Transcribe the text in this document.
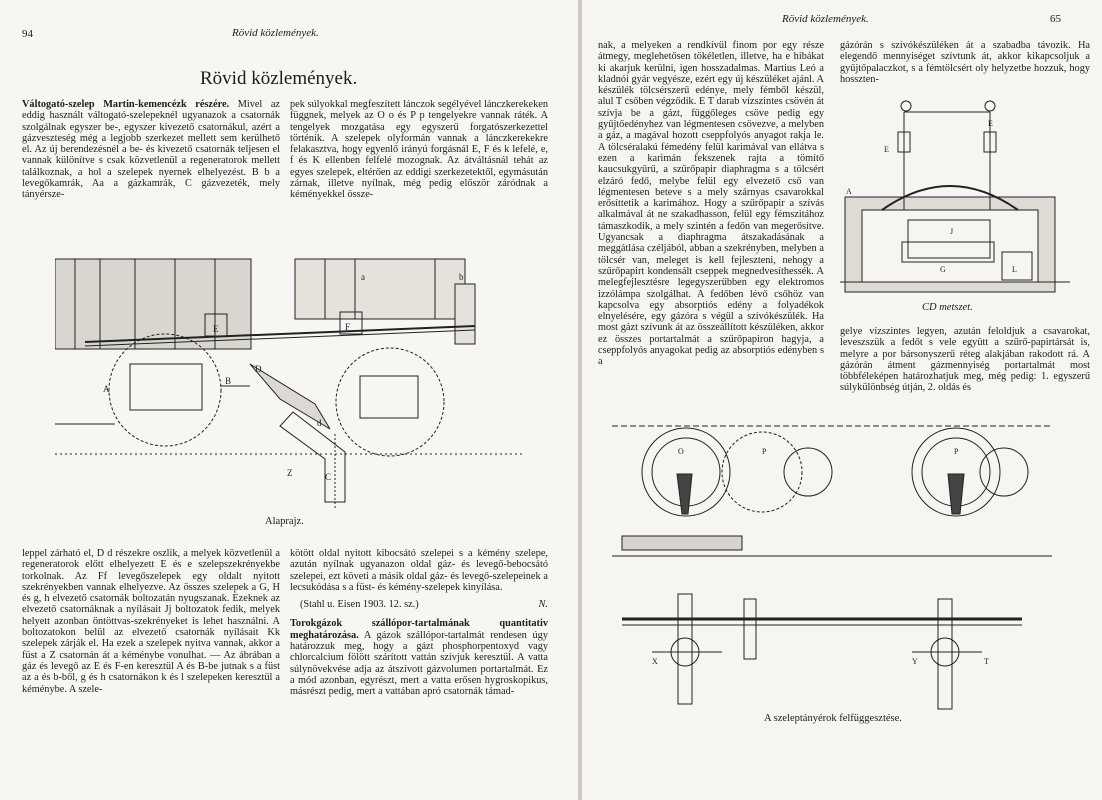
94	Rövid közlemények.
Rövid közlemények.

Váltogató-szelep Martin-kemencézk részére. Mivel az eddig használt váltogató-szelepeknél ugyanazok a csatornák szolgálnak egyszer be-, egyszer kivezető csatornákul, azért a gázveszteség még a legjobb szerkezet mellett sem kerülhető el. Az új berendezésnél a be- és kivezető csatornák teljesen el vannak különítve s csak közvetlenül a regeneratorok mellett találkoznak, a hol a szelepek nyernek elhelyezést. B b a levegőkamrák, Aa a gázkamrák, C gázvezeték, mely tányérsze-

pek súlyokkal megfeszített lánczok segélyével lánczkerekeken függnek, melyek az O o és P p tengelyekre vannak ráték. A tengelyek mozgatása egy egyszerű forgatószerkezettel történik. A szelepek olyformán vannak a lánczkerekekre felakasztva, hogy egyenlő irányú forgásnál E, F és k lefelé, e, f és K ellenben felfelé mozognak. Az átváltásnál tehát az egyes szelepek, eltérően az eddigi szerkezetektől, egymásután zárnak, illetve nyílnak, még pedig először záródnak a kéményekkel össze-

A
B
E	F
D
d
Z	C
a	b
Alaprajz.

leppel zárható el, D d részekre oszlik, a melyek közvetlenül a regeneratorok előtt elhelyezett E és e szelepszekrényekbe torkolnak. Az Ff levegőszelepek egy oldalt nyitott szekrényekben vannak elhelyezve. Az összes szelepek a G, H és g, h elvezető csatornák boltozatán nyugszanak. Ezeknek az elvezető csatornáknak a nyílásait Jj boltozatok fedik, melyek helyett azonban öntöttvas-szekrényeket is lehet használni. A boltozatokon belül az elvezető csatornák nyílásait Kk szelepek zárják el. Ha ezek a szelepek nyitva vannak, akkor a füst a Z csatornán át a kéménybe vonulhat. — Az ábrában a gáz és levegő az E és F-en keresztül A és B-be jutnak s a füst az a és b-ből, g és h csatornákon k és l szelepeken keresztül a kéménybe. A szele-

kötött oldal nyitott kibocsátó szelepei s a kémény szelepe, azután nyílnak ugyanazon oldal gáz- és levegő-bebocsátó szelepei, ezt követi a másik oldal gáz- és levegő-szelepeinek a lecsukódása s a füst- és kémény-szelepek kinyílása.

(Stahl u. Eisen 1903. 12. sz.)	N.

Torokgázok szállópor-tartalmának quantitativ meghatározása. A gázok szállópor-tartalmát rendesen úgy határozzuk meg, hogy a gázt phosphorpentoxyd vagy chlorcalcium fölött szárított vattán szívjuk keresztül. A vatta súlynövekvése adja az átszívott gázvolumen portartalmát. Ez a mód azonban, egyrészt, mert a vatta erősen hygroskopikus, másrészt pedig, mert a vattában apró csatornák támad-

Rövid közlemények.	65

nak, a melyeken a rendkívül finom por egy része átmegy, meglehetősen tökéletlen, illetve, ha e hibákat ki akarjuk kerülni, igen hosszadalmas. Martius Leó a kladnói gyár vegyésze, ezért egy új készüléket ajánl. A készülék tölcsérszerű edénye, mely fémből készül, alul T csőben végződik. E T darab vízszintes csövén át szívja be a gázt, függőleges csöve pedig egy gyűjtőedényhez van légmentesen csövezve, a melyben a gáz, a magával hozott cseppfolyós anyagot rakja le. A tölcséralakú fémedény felül karimával van ellátva s ezen a karimán fekszenek rajta a tömítő kaucsukgyűrű, a szűrőpapir diaphragma s a tölcsért elzáró fedő, melybe felül egy elvezető cső van légmentesen beteve s a mely szárnyas csavarokkal erősíttetik a karimához. Hogy a szűrőpapir a szívás alkalmával át ne szakadhasson, felül egy fémszitához támaszkodik, a mely szintén a fedőn van megerősítve. Ugyancsak a diaphragma átszakadásának a meggátlása czéljából, abban a szekrényben, melyben a tölcsér van, meleget is kell fejleszteni, nehogy a szűrőpapirt kondensált cseppek megnedvesíthessék. A melegfejlesztésre legegyszerűbben egy elektromos izzólámpa szolgálhat. A fedőben lévő csőhöz van kapcsolva egy absorptiós edény a folyadékok elnyelésére, egy gázóra s végül a szívókészülék. Ha most gázt szívunk át az összeállított készüléken, akkor ez összes portartalmát a szűrőpapiron hagyja, a cseppfolyós anyagokat pedig az absorptiós edényben s a

gázórán s szívókészüléken át a szabadba távozik. Ha elegendő mennyiséget szívtunk át, akkor kikapcsoljuk a gyűjtőpalaczkot, s a fémtölcsért oly helyzetbe hozzuk, hogy hosszten-

A
E
E
J
G	L
CD metszet.

gelye vízszintes legyen, azután feloldjuk a csavarokat, leveszszük a fedőt s vele együtt a szűrő-papirtársát is, melyre a por bársonyszerű réteg alakjában rakodott rá. A gázórán átment gázmennyiség portartalmát most többféleképen határozhatjuk meg, még pedig: 1. egyszerű súlykülönbség útján, 2. oldás és

O	P	P
X	Y	T
A szeleptányérok felfüggesztése.
